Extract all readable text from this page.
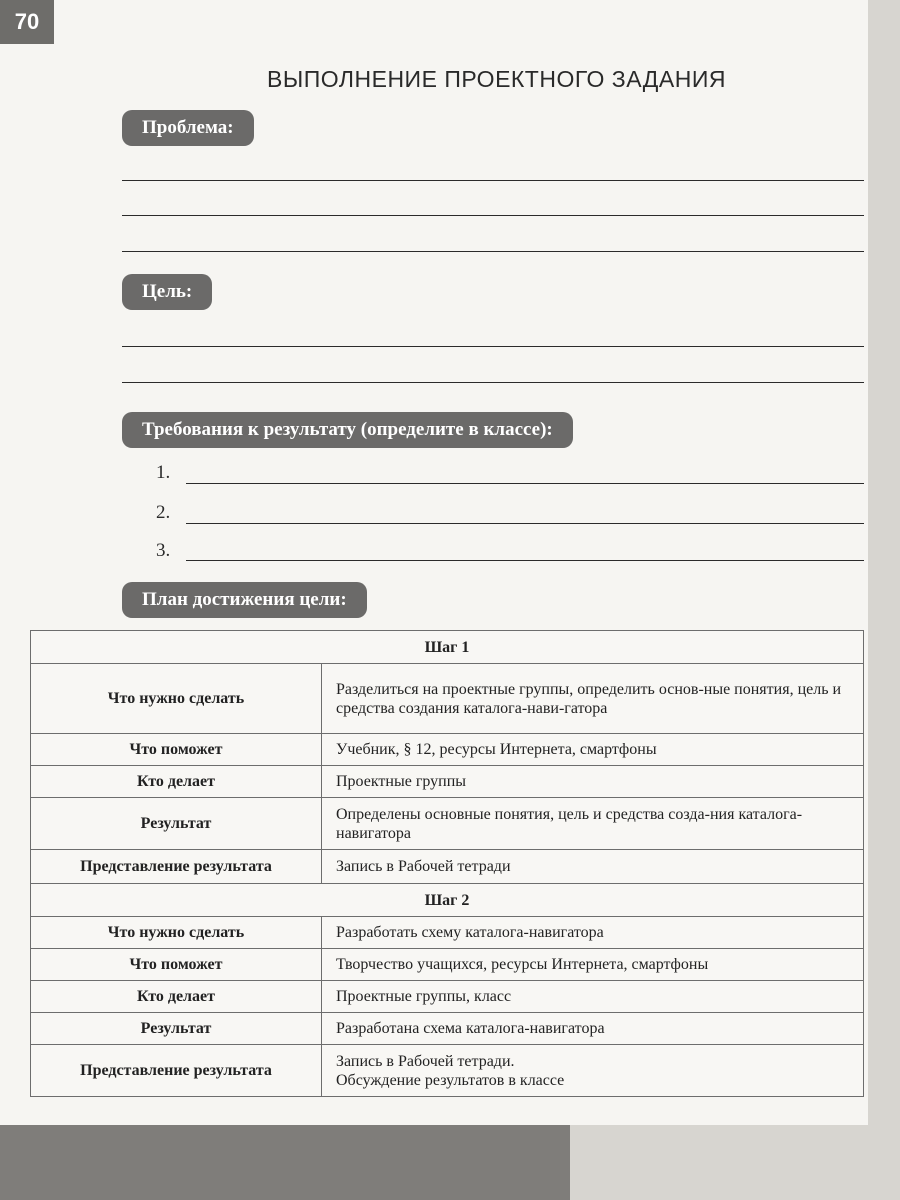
70
ВЫПОЛНЕНИЕ ПРОЕКТНОГО ЗАДАНИЯ
Проблема:
Цель:
Требования к результату (определите в классе):
1.
2.
3.
План достижения цели:
Шаг 1	
Что нужно сделать	Разделиться на проектные группы, определить основ-ные понятия, цель и средства создания каталога-нави-гатора
Что поможет	Учебник, § 12, ресурсы Интернета, смартфоны
Кто делает	Проектные группы
Результат	Определены основные понятия, цель и средства созда-ния каталога-навигатора
Представление результата	Запись в Рабочей тетради
Шаг 2	
Что нужно сделать	Разработать схему каталога-навигатора
Что поможет	Творчество учащихся, ресурсы Интернета, смартфоны
Кто делает	Проектные группы, класс
Результат	Разработана схема каталога-навигатора
Представление результата	Запись в Рабочей тетради.
Обсуждение результатов в классе
